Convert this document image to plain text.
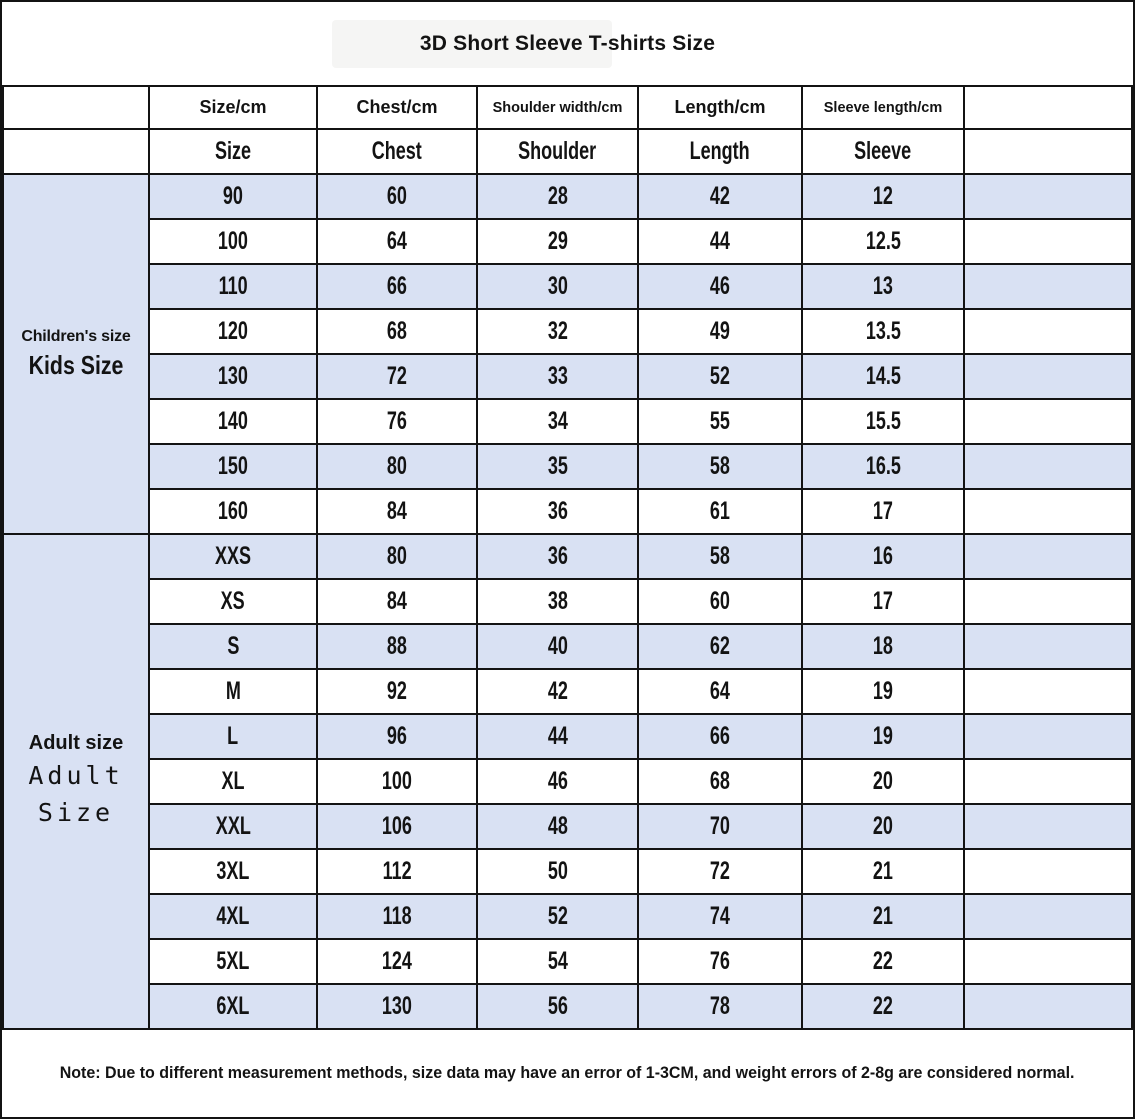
3D Short Sleeve T-shirts Size
	Size/cm	Chest/cm	Shoulder width/cm	Length/cm	Sleeve length/cm	
	Size	Chest	Shoulder	Length	Sleeve	

Children's size
Kids Size	90	60	28	42	12	
	100	64	29	44	12.5	
	110	66	30	46	13	
	120	68	32	49	13.5	
	130	72	33	52	14.5	
	140	76	34	55	15.5	
	150	80	35	58	16.5	
	160	84	36	61	17	

Adult size
Adult Size	XXS	80	36	58	16	
	XS	84	38	60	17	
	S	88	40	62	18	
	M	92	42	64	19	
	L	96	44	66	19	
	XL	100	46	68	20	
	XXL	106	48	70	20	
	3XL	112	50	72	21	
	4XL	118	52	74	21	
	5XL	124	54	76	22	
	6XL	130	56	78	22	
Note: Due to different measurement methods, size data may have an error of 1-3CM, and weight errors of 2-8g are considered normal.
